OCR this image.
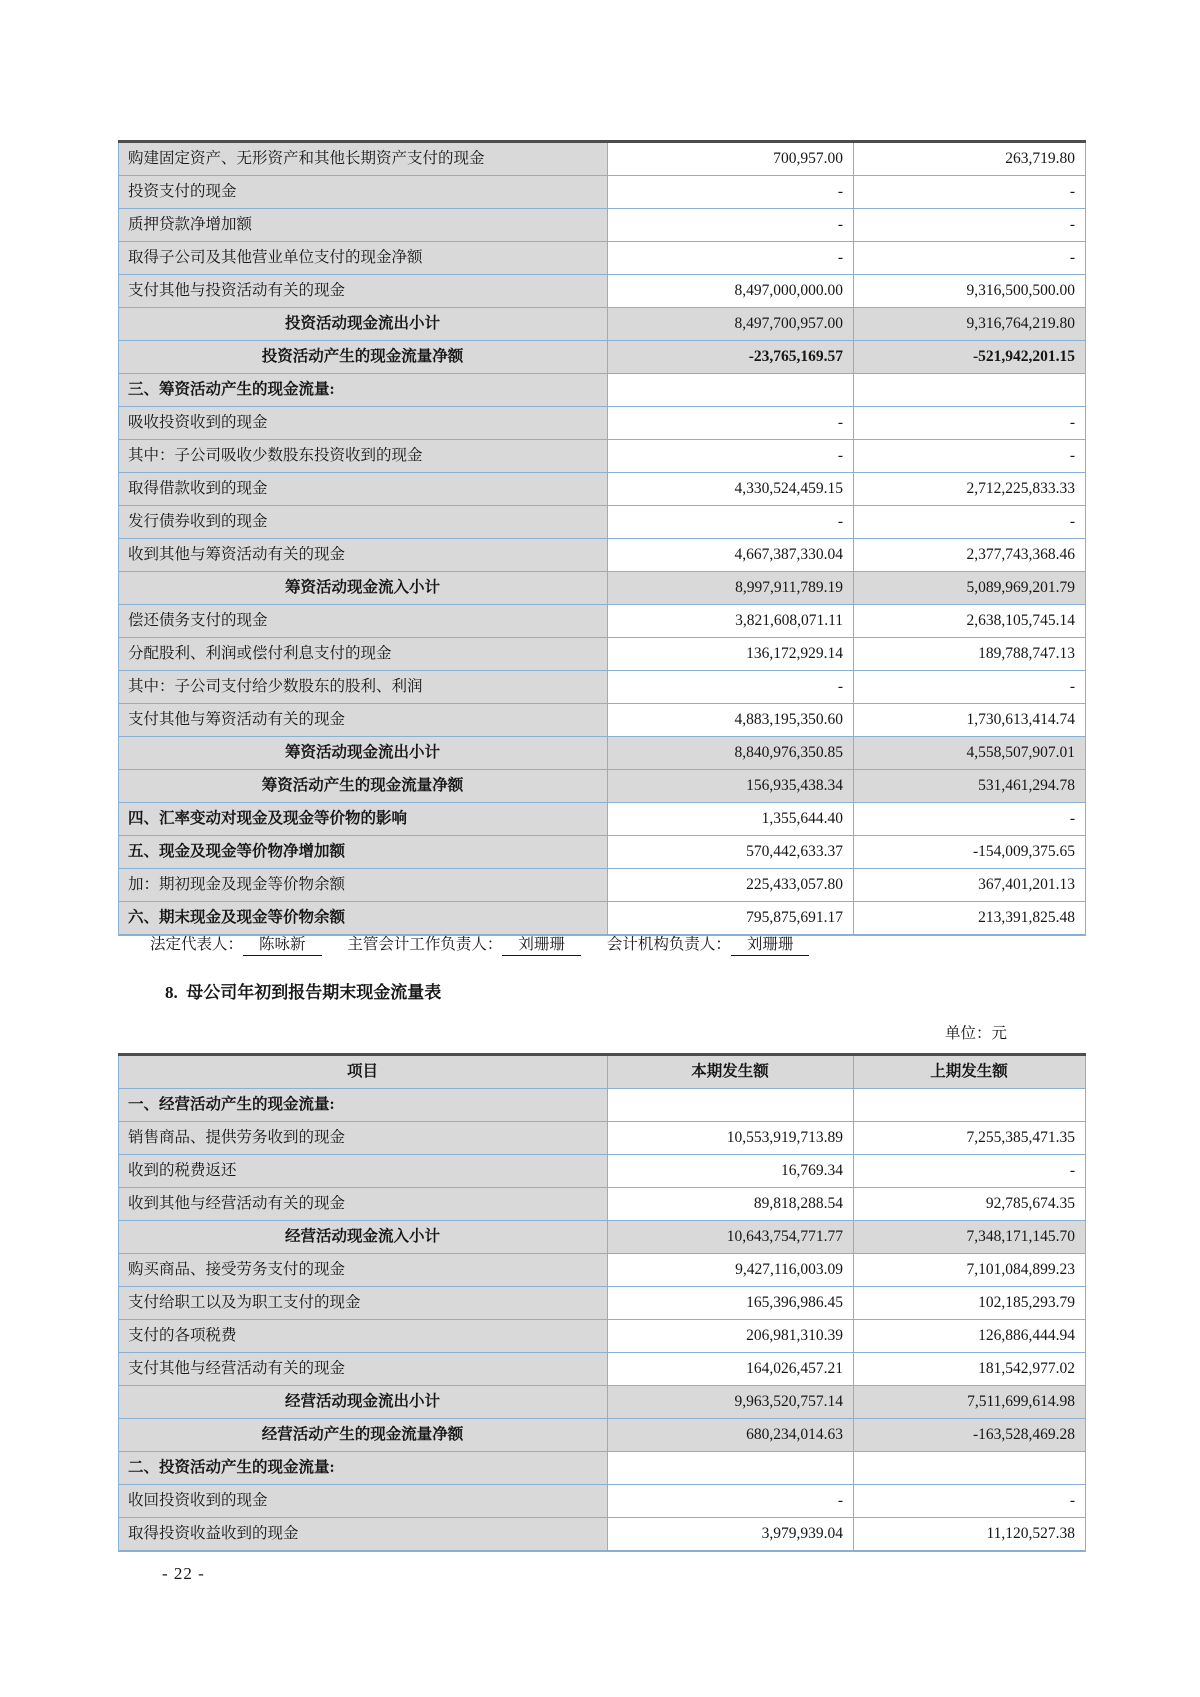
购建固定资产、无形资产和其他长期资产支付的现金	700,957.00	263,719.80
投资支付的现金	-	-
质押贷款净增加额	-	-
取得子公司及其他营业单位支付的现金净额	-	-
支付其他与投资活动有关的现金	8,497,000,000.00	9,316,500,500.00
投资活动现金流出小计	8,497,700,957.00	9,316,764,219.80
投资活动产生的现金流量净额	-23,765,169.57	-521,942,201.15
三、筹资活动产生的现金流量:		
吸收投资收到的现金	-	-
其中：子公司吸收少数股东投资收到的现金	-	-
取得借款收到的现金	4,330,524,459.15	2,712,225,833.33
发行债券收到的现金	-	-
收到其他与筹资活动有关的现金	4,667,387,330.04	2,377,743,368.46
筹资活动现金流入小计	8,997,911,789.19	5,089,969,201.79
偿还债务支付的现金	3,821,608,071.11	2,638,105,745.14
分配股利、利润或偿付利息支付的现金	136,172,929.14	189,788,747.13
其中：子公司支付给少数股东的股利、利润	-	-
支付其他与筹资活动有关的现金	4,883,195,350.60	1,730,613,414.74
筹资活动现金流出小计	8,840,976,350.85	4,558,507,907.01
筹资活动产生的现金流量净额	156,935,438.34	531,461,294.78
四、汇率变动对现金及现金等价物的影响	1,355,644.40	-
五、现金及现金等价物净增加额	570,442,633.37	-154,009,375.65
加：期初现金及现金等价物余额	225,433,057.80	367,401,201.13
六、期末现金及现金等价物余额	795,875,691.17	213,391,825.48
法定代表人： 陈咏新	主管会计工作负责人： 刘珊珊	会计机构负责人： 刘珊珊
8.  母公司年初到报告期末现金流量表
单位：元
项目	本期发生额	上期发生额
一、经营活动产生的现金流量:		
销售商品、提供劳务收到的现金	10,553,919,713.89	7,255,385,471.35
收到的税费返还	16,769.34	-
收到其他与经营活动有关的现金	89,818,288.54	92,785,674.35
经营活动现金流入小计	10,643,754,771.77	7,348,171,145.70
购买商品、接受劳务支付的现金	9,427,116,003.09	7,101,084,899.23
支付给职工以及为职工支付的现金	165,396,986.45	102,185,293.79
支付的各项税费	206,981,310.39	126,886,444.94
支付其他与经营活动有关的现金	164,026,457.21	181,542,977.02
经营活动现金流出小计	9,963,520,757.14	7,511,699,614.98
经营活动产生的现金流量净额	680,234,014.63	-163,528,469.28
二、投资活动产生的现金流量:		
收回投资收到的现金	-	-
取得投资收益收到的现金	3,979,939.04	11,120,527.38
- 22 -
